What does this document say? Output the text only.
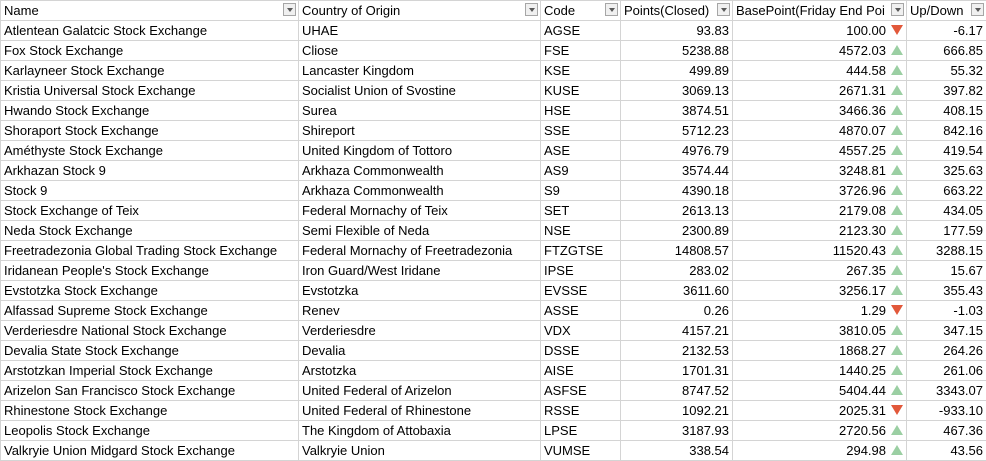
Name	Country of Origin	Code	Points(Closed)	BasePoint(Friday End Poi	Up/Down

Atlentean Galatcic Stock Exchange	UHAE	AGSE	93.83	100.00	-6.17
Fox Stock Exchange	Cliose	FSE	5238.88	4572.03	666.85
Karlayneer Stock Exchange	Lancaster Kingdom	KSE	499.89	444.58	55.32
Kristia Universal Stock Exchange	Socialist Union of Svostine	KUSE	3069.13	2671.31	397.82
Hwando Stock Exchange	Surea	HSE	3874.51	3466.36	408.15
Shoraport Stock Exchange	Shireport	SSE	5712.23	4870.07	842.16
Améthyste Stock Exchange	United Kingdom of Tottoro	ASE	4976.79	4557.25	419.54
Arkhazan Stock 9	Arkhaza Commonwealth	AS9	3574.44	3248.81	325.63
Stock 9	Arkhaza Commonwealth	S9	4390.18	3726.96	663.22
Stock Exchange of Teix	Federal Mornachy of Teix	SET	2613.13	2179.08	434.05
Neda Stock Exchange	Semi Flexible of Neda	NSE	2300.89	2123.30	177.59
Freetradezonia Global Trading Stock Exchange	Federal Mornachy of Freetradezonia	FTZGTSE	14808.57	11520.43	3288.15
Iridanean People's Stock Exchange	Iron Guard/West Iridane	IPSE	283.02	267.35	15.67
Evstotzka Stock Exchange	Evstotzka	EVSSE	3611.60	3256.17	355.43
Alfassad Supreme Stock Exchange	Renev	ASSE	0.26	1.29	-1.03
Verderiesdre National Stock Exchange	Verderiesdre	VDX	4157.21	3810.05	347.15
Devalia State Stock Exchange	Devalia	DSSE	2132.53	1868.27	264.26
Arstotzkan Imperial Stock Exchange	Arstotzka	AISE	1701.31	1440.25	261.06
Arizelon San Francisco Stock Exchange	United Federal of Arizelon	ASFSE	8747.52	5404.44	3343.07
Rhinestone Stock Exchange	United Federal of Rhinestone	RSSE	1092.21	2025.31	-933.10
Leopolis Stock Exchange	The Kingdom of Attobaxia	LPSE	3187.93	2720.56	467.36
Valkryie Union Midgard Stock Exchange	Valkryie Union	VUMSE	338.54	294.98	43.56
